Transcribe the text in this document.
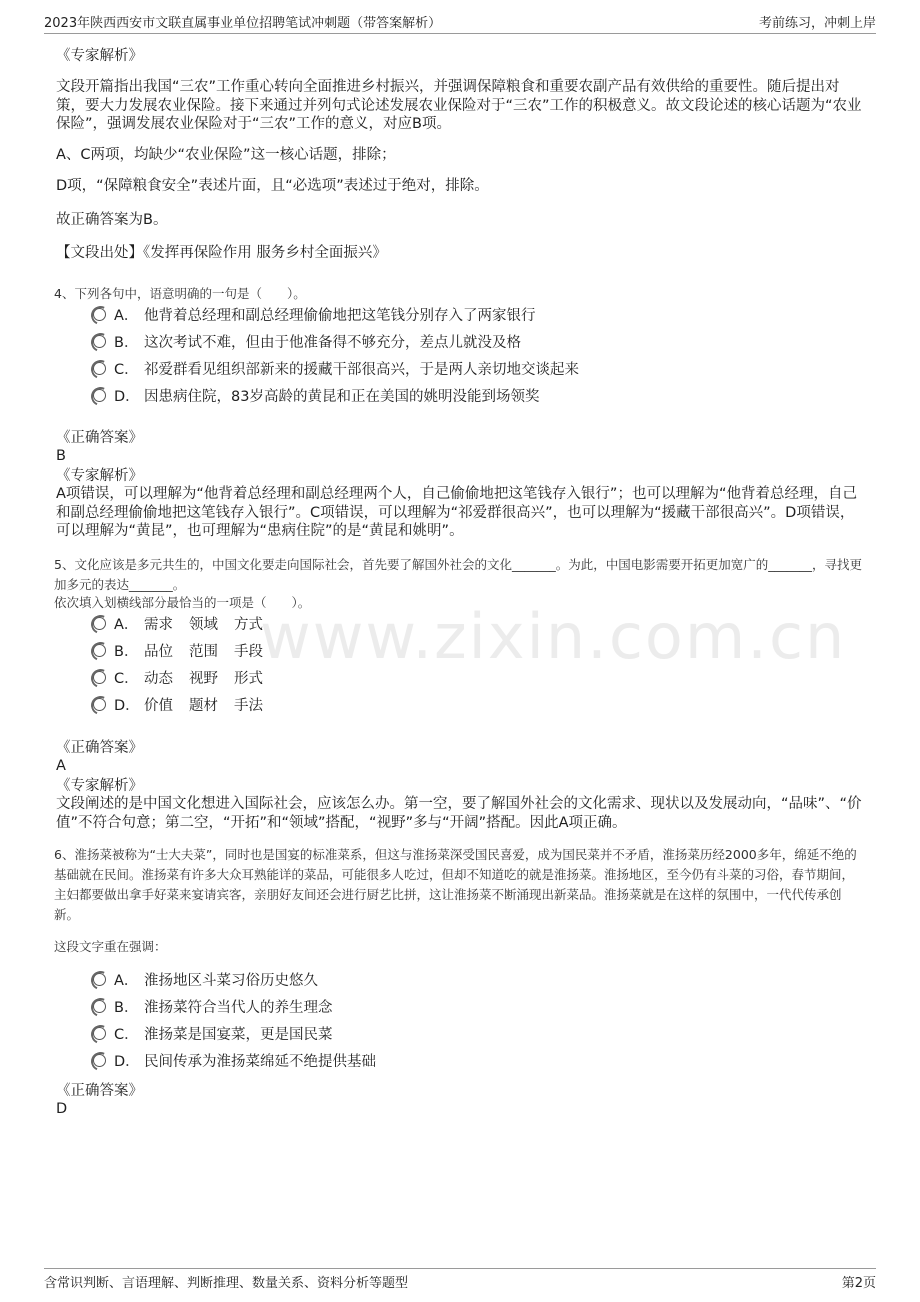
2023年陕西西安市文联直属事业单位招聘笔试冲刺题（带答案解析）	考前练习，冲刺上岸
www.zixin.com.cn
《专家解析》
文段开篇指出我国“三农”工作重心转向全面推进乡村振兴，并强调保障粮食和重要农副产品有效供给的重要性。随后提出对策，要大力发展农业保险。接下来通过并列句式论述发展农业保险对于“三农”工作的积极意义。故文段论述的核心话题为“农业保险”，强调发展农业保险对于“三农”工作的意义，对应B项。
A、C两项，均缺少“农业保险”这一核心话题，排除；
D项，“保障粮食安全”表述片面，且“必选项”表述过于绝对，排除。
故正确答案为B。
【文段出处】《发挥再保险作用 服务乡村全面振兴》
4、下列各句中，语意明确的一句是（　　）。
A． 他背着总经理和副总经理偷偷地把这笔钱分别存入了两家银行
B． 这次考试不难，但由于他准备得不够充分，差点儿就没及格
C． 祁爱群看见组织部新来的援藏干部很高兴，于是两人亲切地交谈起来
D． 因患病住院，83岁高龄的黄昆和正在美国的姚明没能到场领奖
《正确答案》
B
《专家解析》
A项错误，可以理解为“他背着总经理和副总经理两个人，自己偷偷地把这笔钱存入银行”；也可以理解为“他背着总经理，自己和副总经理偷偷地把这笔钱存入银行”。C项错误，可以理解为“祁爱群很高兴”，也可以理解为“援藏干部很高兴”。D项错误，可以理解为“黄昆”，也可理解为“患病住院”的是“黄昆和姚明”。
5、文化应该是多元共生的，中国文化要走向国际社会，首先要了解国外社会的文化_______。为此，中国电影需要开拓更加宽广的_______，寻找更加多元的表达_______。
依次填入划横线部分最恰当的一项是（　　）。
A． 需求 领域 方式
B． 品位 范围 手段
C． 动态 视野 形式
D． 价值 题材 手法
《正确答案》
A
《专家解析》
文段阐述的是中国文化想进入国际社会，应该怎么办。第一空，要了解国外社会的文化需求、现状以及发展动向，“品味”、“价值”不符合句意；第二空，“开拓”和“领域”搭配，“视野”多与“开阔”搭配。因此A项正确。
6、淮扬菜被称为“士大夫菜”，同时也是国宴的标准菜系，但这与淮扬菜深受国民喜爱，成为国民菜并不矛盾，淮扬菜历经2000多年，绵延不绝的基础就在民间。淮扬菜有许多大众耳熟能详的菜品，可能很多人吃过，但却不知道吃的就是淮扬菜。淮扬地区，至今仍有斗菜的习俗，春节期间，主妇都要做出拿手好菜来宴请宾客，亲朋好友间还会进行厨艺比拼，这让淮扬菜不断涌现出新菜品。淮扬菜就是在这样的氛围中，一代代传承创新。
这段文字重在强调：
A． 淮扬地区斗菜习俗历史悠久
B． 淮扬菜符合当代人的养生理念
C． 淮扬菜是国宴菜，更是国民菜
D． 民间传承为淮扬菜绵延不绝提供基础
《正确答案》
D
含常识判断、言语理解、判断推理、数量关系、资料分析等题型	第2页
